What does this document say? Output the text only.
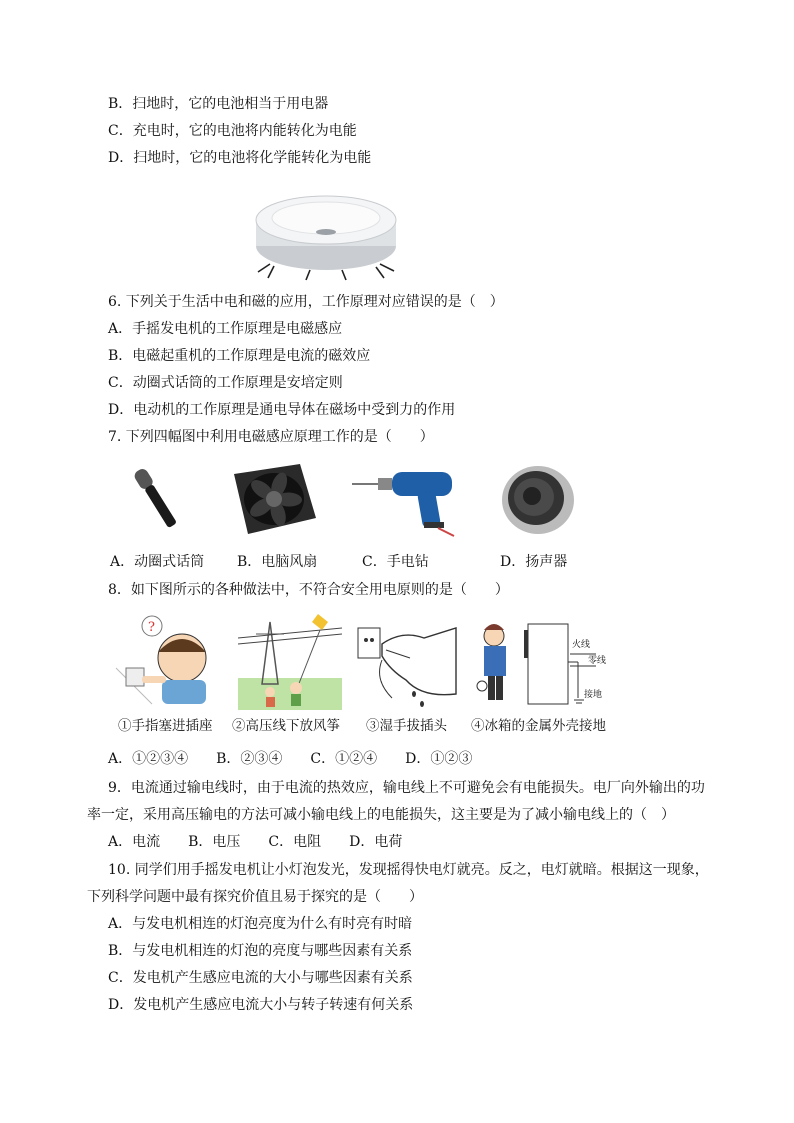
B．扫地时，它的电池相当于用电器
C．充电时，它的电池将内能转化为电能
D．扫地时，它的电池将化学能转化为电能
6. 下列关于生活中电和磁的应用，工作原理对应错误的是（　）
A．手摇发电机的工作原理是电磁感应
B．电磁起重机的工作原理是电流的磁效应
C．动圈式话筒的工作原理是安培定则
D．电动机的工作原理是通电导体在磁场中受到力的作用
7. 下列四幅图中利用电磁感应原理工作的是（　　）
A．动圈式话筒 B．电脑风扇	C．手电钻	D．扬声器
8．如下图所示的各种做法中，不符合安全用电原则的是（　　）
?
火线
零线
接地
①手指塞进插座 ②高压线下放风筝 ③湿手拔插头 ④冰箱的金属外壳接地
A．①②③④　　B．②③④　　C．①②④　　D．①②③
9．电流通过输电线时，由于电流的热效应，输电线上不可避免会有电能损失。电厂向外输出的功
率一定，采用高压输电的方法可减小输电线上的电能损失，这主要是为了减小输电线上的（　）
A．电流　　B．电压　　C．电阻　　D．电荷
10. 同学们用手摇发电机让小灯泡发光，发现摇得快电灯就亮。反之，电灯就暗。根据这一现象，
下列科学问题中最有探究价值且易于探究的是（　　）
A．与发电机相连的灯泡亮度为什么有时亮有时暗
B．与发电机相连的灯泡的亮度与哪些因素有关系
C．发电机产生感应电流的大小与哪些因素有关系
D．发电机产生感应电流大小与转子转速有何关系
